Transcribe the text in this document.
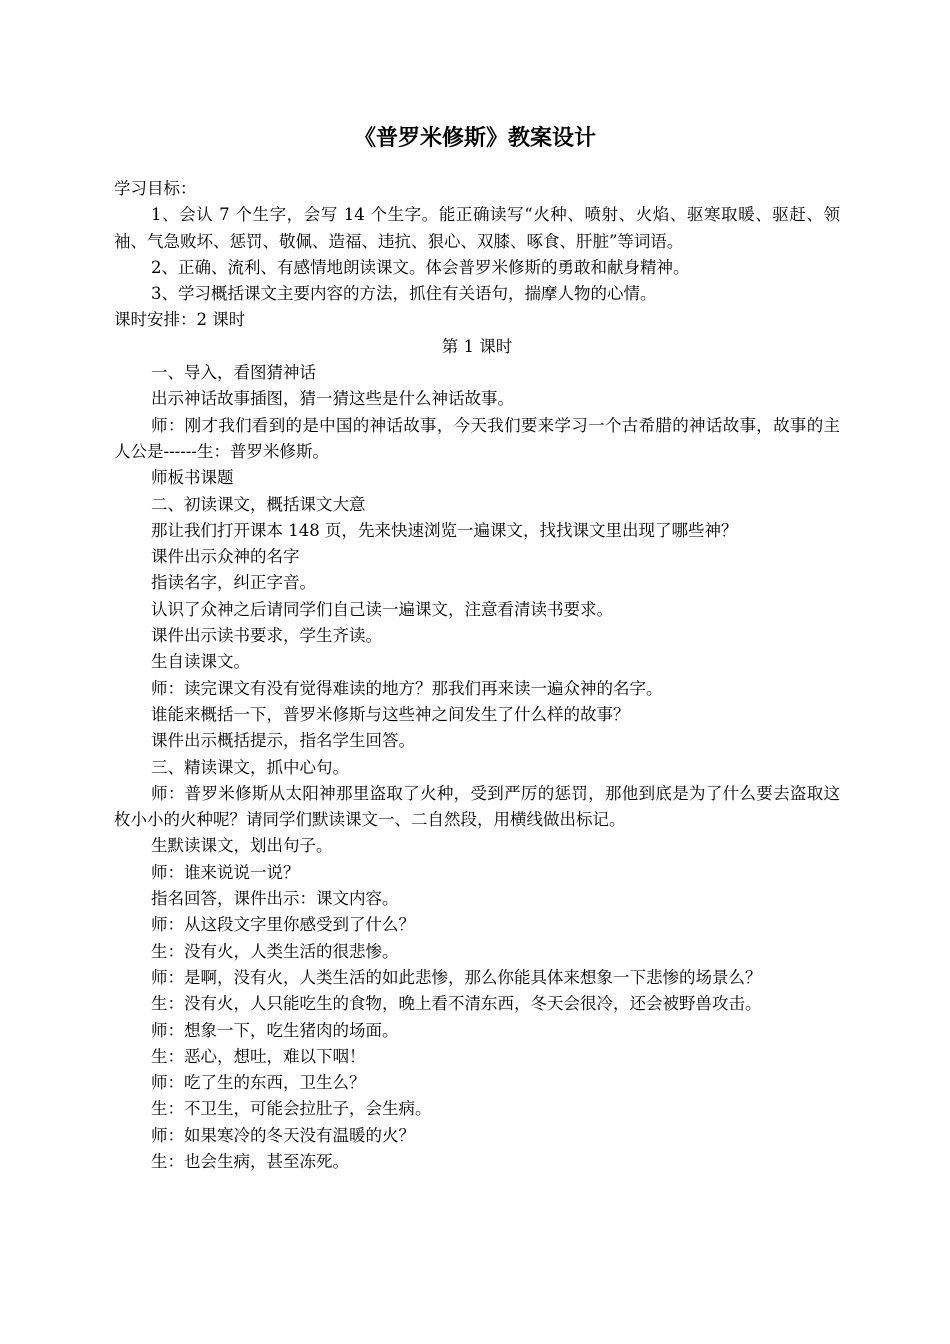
《普罗米修斯》教案设计

学习目标：

1、会认 7 个生字，会写 14 个生字。能正确读写“火种、喷射、火焰、驱寒取暖、驱赶、领袖、气急败坏、惩罚、敬佩、造福、违抗、狠心、双膝、啄食、肝脏”等词语。

2、正确、流利、有感情地朗读课文。体会普罗米修斯的勇敢和献身精神。

3、学习概括课文主要内容的方法，抓住有关语句，揣摩人物的心情。

课时安排：2 课时

第 1 课时

一、导入，看图猜神话

出示神话故事插图，猜一猜这些是什么神话故事。

师：刚才我们看到的是中国的神话故事，今天我们要来学习一个古希腊的神话故事，故事的主人公是------生：普罗米修斯。

师板书课题

二、初读课文，概括课文大意

那让我们打开课本 148 页，先来快速浏览一遍课文，找找课文里出现了哪些神？

课件出示众神的名字

指读名字，纠正字音。

认识了众神之后请同学们自己读一遍课文，注意看清读书要求。

课件出示读书要求，学生齐读。

生自读课文。

师：读完课文有没有觉得难读的地方？那我们再来读一遍众神的名字。

谁能来概括一下，普罗米修斯与这些神之间发生了什么样的故事？

课件出示概括提示，指名学生回答。

三、精读课文，抓中心句。

师：普罗米修斯从太阳神那里盗取了火种，受到严厉的惩罚，那他到底是为了什么要去盗取这枚小小的火种呢？请同学们默读课文一、二自然段，用横线做出标记。

生默读课文，划出句子。

师：谁来说说一说？

指名回答，课件出示：课文内容。

师：从这段文字里你感受到了什么？

生：没有火，人类生活的很悲惨。

师：是啊，没有火，人类生活的如此悲惨，那么你能具体来想象一下悲惨的场景么？

生：没有火，人只能吃生的食物，晚上看不清东西，冬天会很冷，还会被野兽攻击。

师：想象一下，吃生猪肉的场面。

生：恶心，想吐，难以下咽！

师：吃了生的东西，卫生么？

生：不卫生，可能会拉肚子，会生病。

师：如果寒冷的冬天没有温暖的火？

生：也会生病，甚至冻死。
